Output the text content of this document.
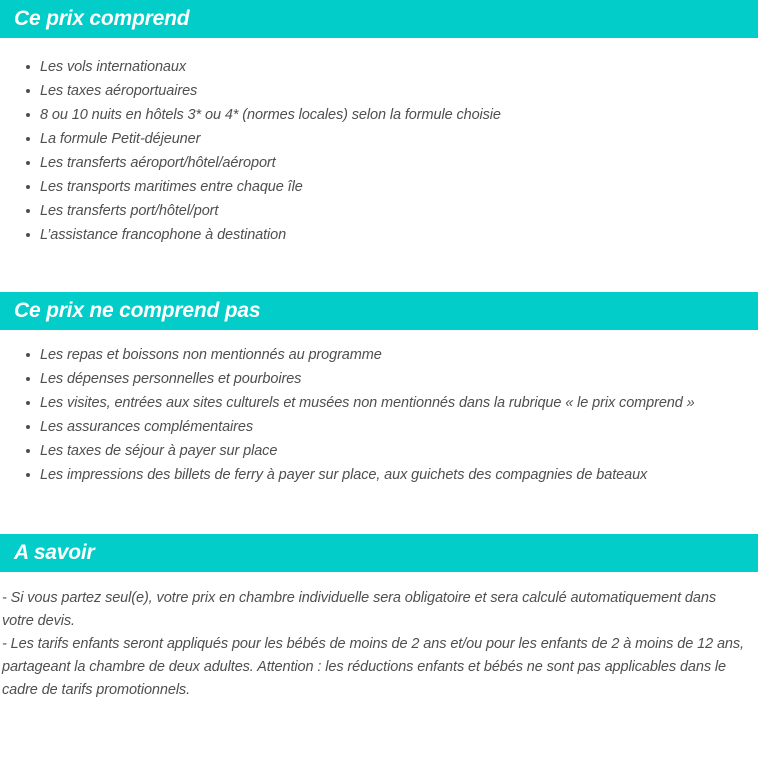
Ce prix comprend
Les vols internationaux
Les taxes aéroportuaires
8 ou 10 nuits en hôtels 3* ou 4* (normes locales) selon la formule choisie
La formule Petit-déjeuner
Les transferts aéroport/hôtel/aéroport
Les transports maritimes entre chaque île
Les transferts port/hôtel/port
L’assistance francophone à destination
Ce prix ne comprend pas
Les repas et boissons non mentionnés au programme
Les dépenses personnelles et pourboires
Les visites, entrées aux sites culturels et musées non mentionnés dans la rubrique « le prix comprend »
Les assurances complémentaires
Les taxes de séjour à payer sur place
Les impressions des billets de ferry à payer sur place, aux guichets des compagnies de bateaux
A savoir

- Si vous partez seul(e), votre prix en chambre individuelle sera obligatoire et sera calculé automatiquement dans votre devis.

- Les tarifs enfants seront appliqués pour les bébés de moins de 2 ans et/ou pour les enfants de 2 à moins de 12 ans, partageant la chambre de deux adultes. Attention : les réductions enfants et bébés ne sont pas applicables dans le cadre de tarifs promotionnels.
